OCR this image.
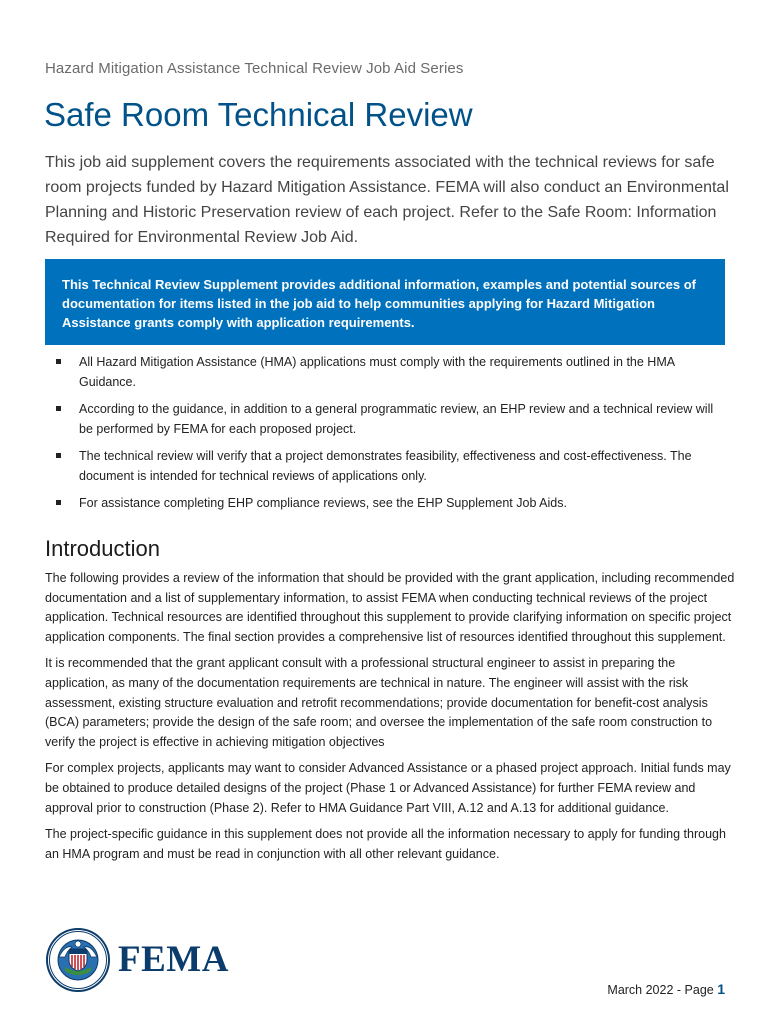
Hazard Mitigation Assistance Technical Review Job Aid Series
Safe Room Technical Review

This job aid supplement covers the requirements associated with the technical reviews for safe room projects funded by Hazard Mitigation Assistance. FEMA will also conduct an Environmental Planning and Historic Preservation review of each project. Refer to the Safe Room: Information Required for Environmental Review Job Aid.

This Technical Review Supplement provides additional information, examples and potential sources of documentation for items listed in the job aid to help communities applying for Hazard Mitigation Assistance grants comply with application requirements.

All Hazard Mitigation Assistance (HMA) applications must comply with the requirements outlined in the HMA Guidance.
According to the guidance, in addition to a general programmatic review, an EHP review and a technical review will be performed by FEMA for each proposed project.
The technical review will verify that a project demonstrates feasibility, effectiveness and cost-effectiveness. The document is intended for technical reviews of applications only.
For assistance completing EHP compliance reviews, see the EHP Supplement Job Aids.
Introduction

The following provides a review of the information that should be provided with the grant application, including recommended documentation and a list of supplementary information, to assist FEMA when conducting technical reviews of the project application. Technical resources are identified throughout this supplement to provide clarifying information on specific project application components. The final section provides a comprehensive list of resources identified throughout this supplement.

It is recommended that the grant applicant consult with a professional structural engineer to assist in preparing the application, as many of the documentation requirements are technical in nature. The engineer will assist with the risk assessment, existing structure evaluation and retrofit recommendations; provide documentation for benefit-cost analysis (BCA) parameters; provide the design of the safe room; and oversee the implementation of the safe room construction to verify the project is effective in achieving mitigation objectives

For complex projects, applicants may want to consider Advanced Assistance or a phased project approach. Initial funds may be obtained to produce detailed designs of the project (Phase 1 or Advanced Assistance) for further FEMA review and approval prior to construction (Phase 2). Refer to HMA Guidance Part VIII, A.12 and A.13 for additional guidance.

The project-specific guidance in this supplement does not provide all the information necessary to apply for funding through an HMA program and must be read in conjunction with all other relevant guidance.

FEMA
March 2022 - Page 1
